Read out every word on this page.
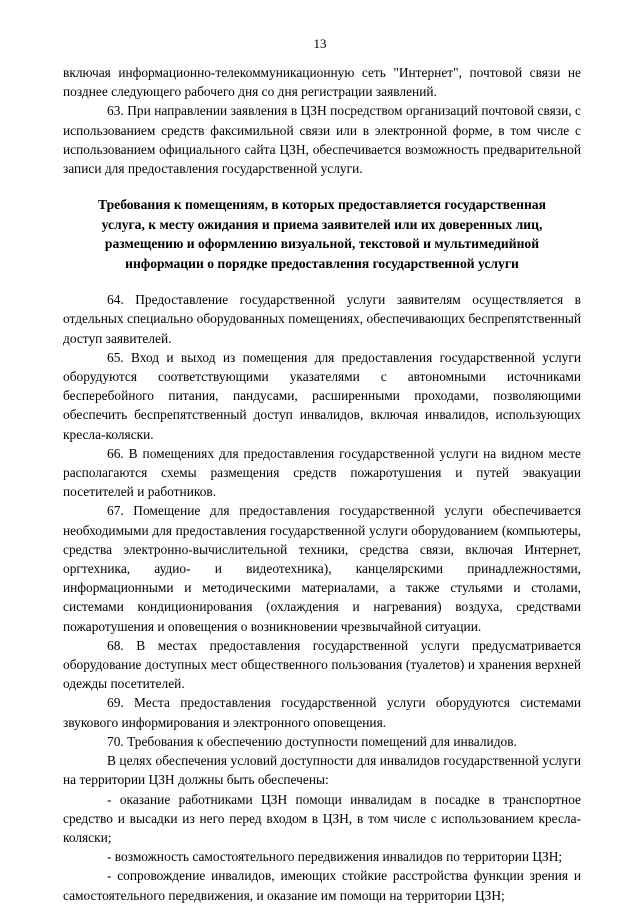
13

включая информационно-телекоммуникационную сеть "Интернет", почтовой связи не позднее следующего рабочего дня со дня регистрации заявлений.

63. При направлении заявления в ЦЗН посредством организаций почтовой связи, с использованием средств факсимильной связи или в электронной форме, в том числе с использованием официального сайта ЦЗН, обеспечивается возможность предварительной записи для предоставления государственной услуги.

Требования к помещениям, в которых предоставляется государственная услуга, к месту ожидания и приема заявителей или их доверенных лиц, размещению и оформлению визуальной, текстовой и мультимедийной информации о порядке предоставления государственной услуги

64. Предоставление государственной услуги заявителям осуществляется в отдельных специально оборудованных помещениях, обеспечивающих беспрепятственный доступ заявителей.

65. Вход и выход из помещения для предоставления государственной услуги оборудуются соответствующими указателями с автономными источниками бесперебойного питания, пандусами, расширенными проходами, позволяющими обеспечить беспрепятственный доступ инвалидов, включая инвалидов, использующих кресла-коляски.

66. В помещениях для предоставления государственной услуги на видном месте располагаются схемы размещения средств пожаротушения и путей эвакуации посетителей и работников.

67. Помещение для предоставления государственной услуги обеспечивается необходимыми для предоставления государственной услуги оборудованием (компьютеры, средства электронно-вычислительной техники, средства связи, включая Интернет, оргтехника, аудио- и видеотехника), канцелярскими принадлежностями, информационными и методическими материалами, а также стульями и столами, системами кондиционирования (охлаждения и нагревания) воздуха, средствами пожаротушения и оповещения о возникновении чрезвычайной ситуации.

68. В местах предоставления государственной услуги предусматривается оборудование доступных мест общественного пользования (туалетов) и хранения верхней одежды посетителей.

69. Места предоставления государственной услуги оборудуются системами звукового информирования и электронного оповещения.

70. Требования к обеспечению доступности помещений для инвалидов.

В целях обеспечения условий доступности для инвалидов государственной услуги на территории ЦЗН должны быть обеспечены:

- оказание работниками ЦЗН помощи инвалидам в посадке в транспортное средство и высадки из него перед входом в ЦЗН, в том числе с использованием кресла-коляски;

- возможность самостоятельного передвижения инвалидов по территории ЦЗН;

- сопровождение инвалидов, имеющих стойкие расстройства функции зрения и самостоятельного передвижения, и оказание им помощи на территории ЦЗН;
